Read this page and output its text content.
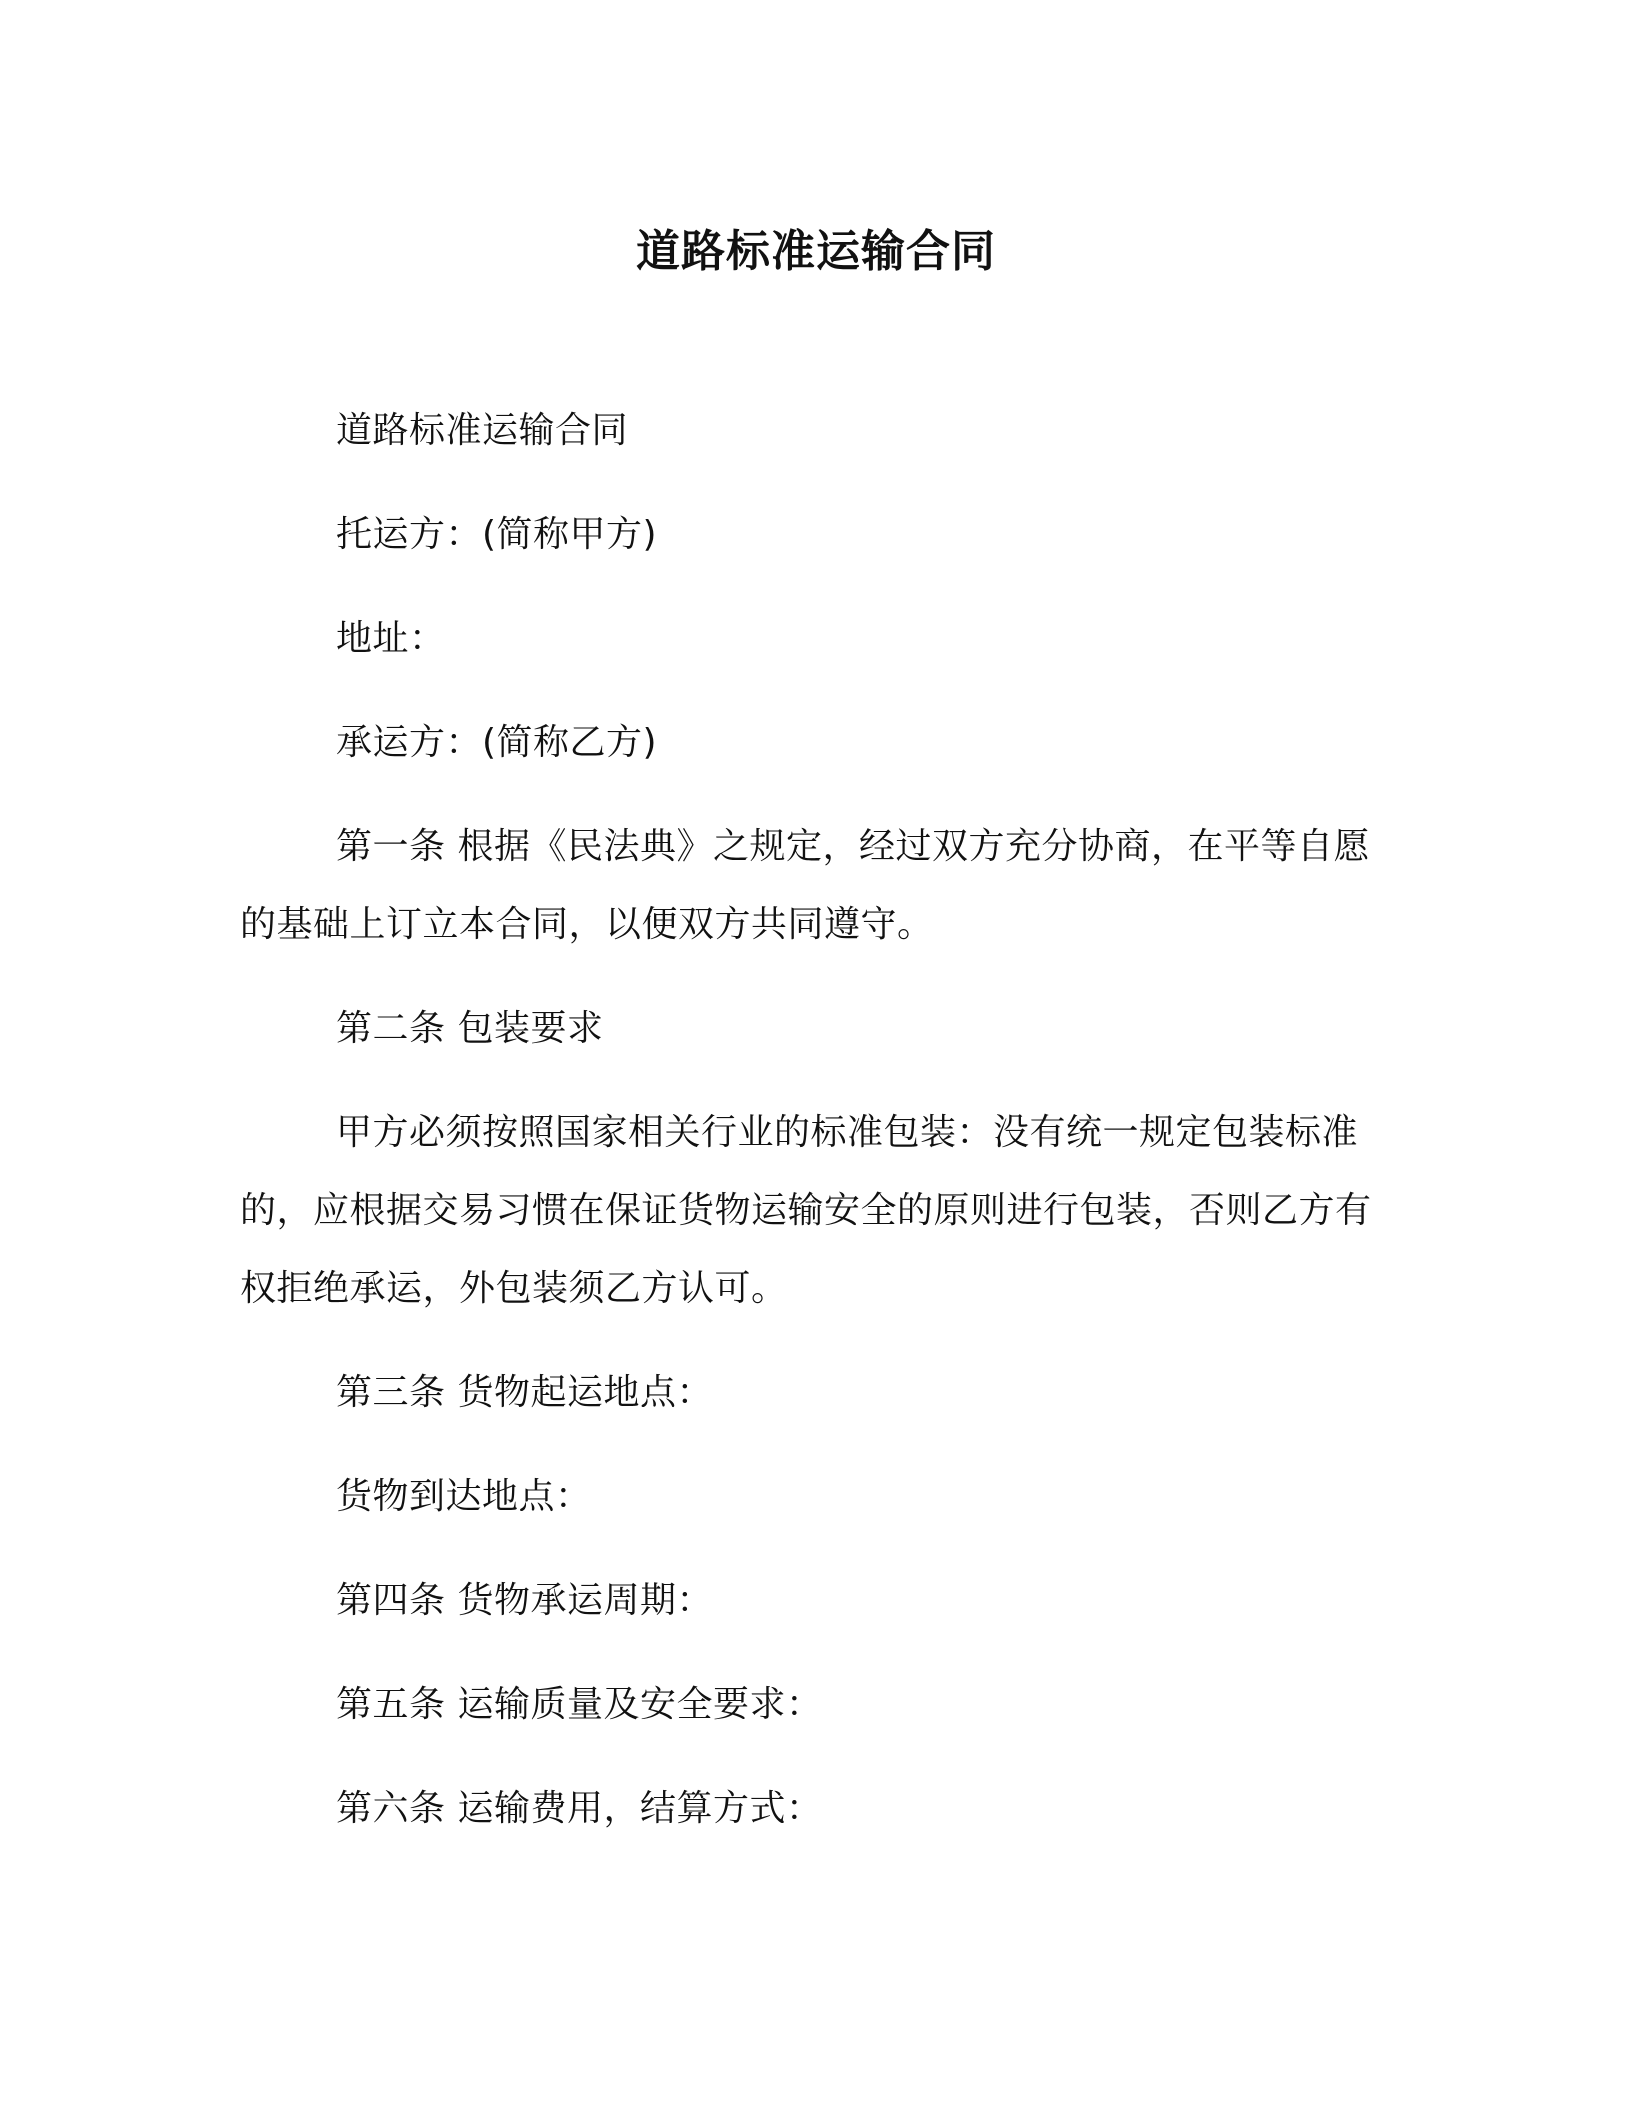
道路标准运输合同

道路标准运输合同

托运方：(简称甲方)

地址：

承运方：(简称乙方)

第一条 根据《民法典》之规定，经过双方充分协商，在平等自愿的基础上订立本合同，以便双方共同遵守。

第二条 包装要求

甲方必须按照国家相关行业的标准包装：没有统一规定包装标准的，应根据交易习惯在保证货物运输安全的原则进行包装，否则乙方有权拒绝承运，外包装须乙方认可。

第三条 货物起运地点：

货物到达地点：

第四条 货物承运周期：

第五条 运输质量及安全要求：

第六条 运输费用，结算方式：
